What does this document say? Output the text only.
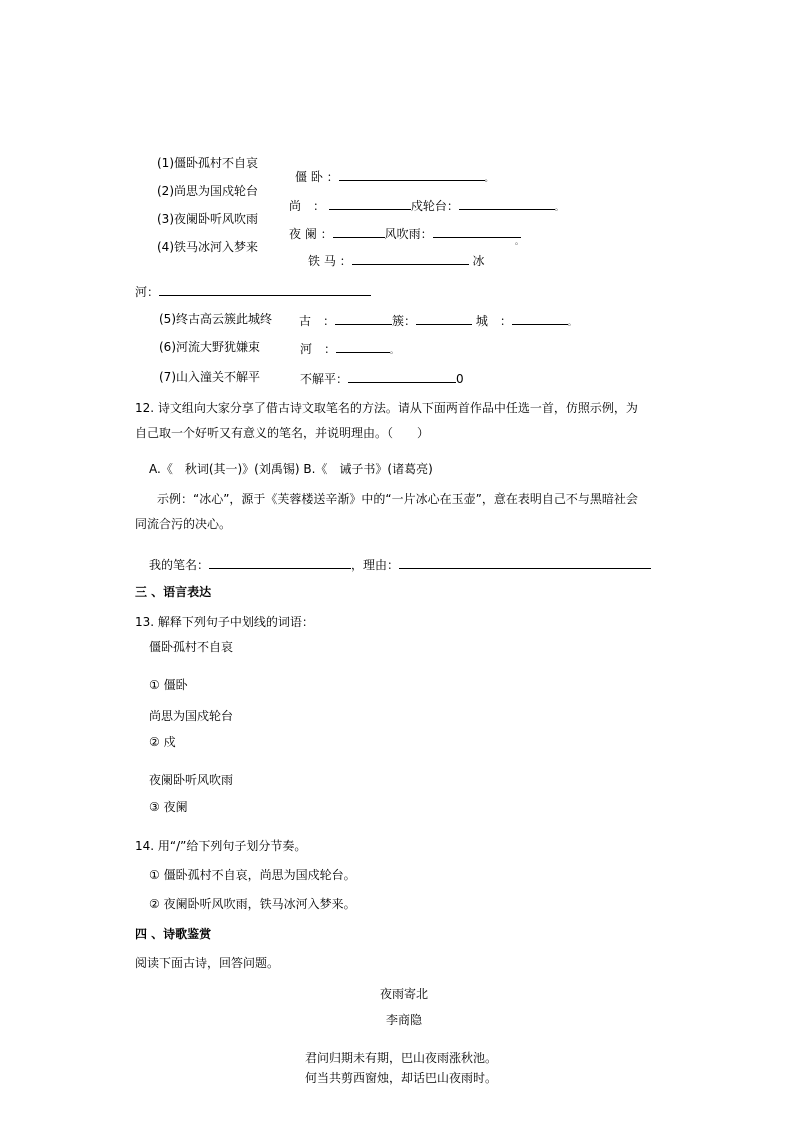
(1)僵卧孤村不自哀
(2)尚思为国戍轮台
(3)夜阑卧听风吹雨
(4)铁马冰河入梦来
僵 卧 ：	。
尚　：	戍轮台：	。
夜 阑 ：	风吹雨：
。
铁 马 ：	冰
河：
(5)终古高云簇此城终
(6)河流大野犹嫌束
(7)山入潼关不解平
古　：	簇：	城　：	。
河　：	。
不解平：	0
12. 诗文组向大家分享了借古诗文取笔名的方法。请从下面两首作品中任选一首，仿照示例，为
自己取一个好听又有意义的笔名，并说明理由。（　　）
A.《　秋词(其一)》(刘禹锡) B.《　诫子书》(诸葛亮)
示例：“冰心”，源于《芙蓉楼送辛渐》中的“一片冰心在玉壶”，意在表明自己不与黑暗社会
同流合污的决心。
我的笔名：	，理由：
三 、语言表达
13. 解释下列句子中划线的词语：
僵卧孤村不自哀
① 僵卧
尚思为国戍轮台
② 戍
夜阑卧听风吹雨
③ 夜阑
14. 用“/”给下列句子划分节奏。
① 僵卧孤村不自哀，尚思为国戍轮台。
② 夜阑卧听风吹雨，铁马冰河入梦来。
四 、诗歌鉴赏
阅读下面古诗，回答问题。
夜雨寄北
李商隐
君问归期未有期，巴山夜雨涨秋池。
何当共剪西窗烛，却话巴山夜雨时。
